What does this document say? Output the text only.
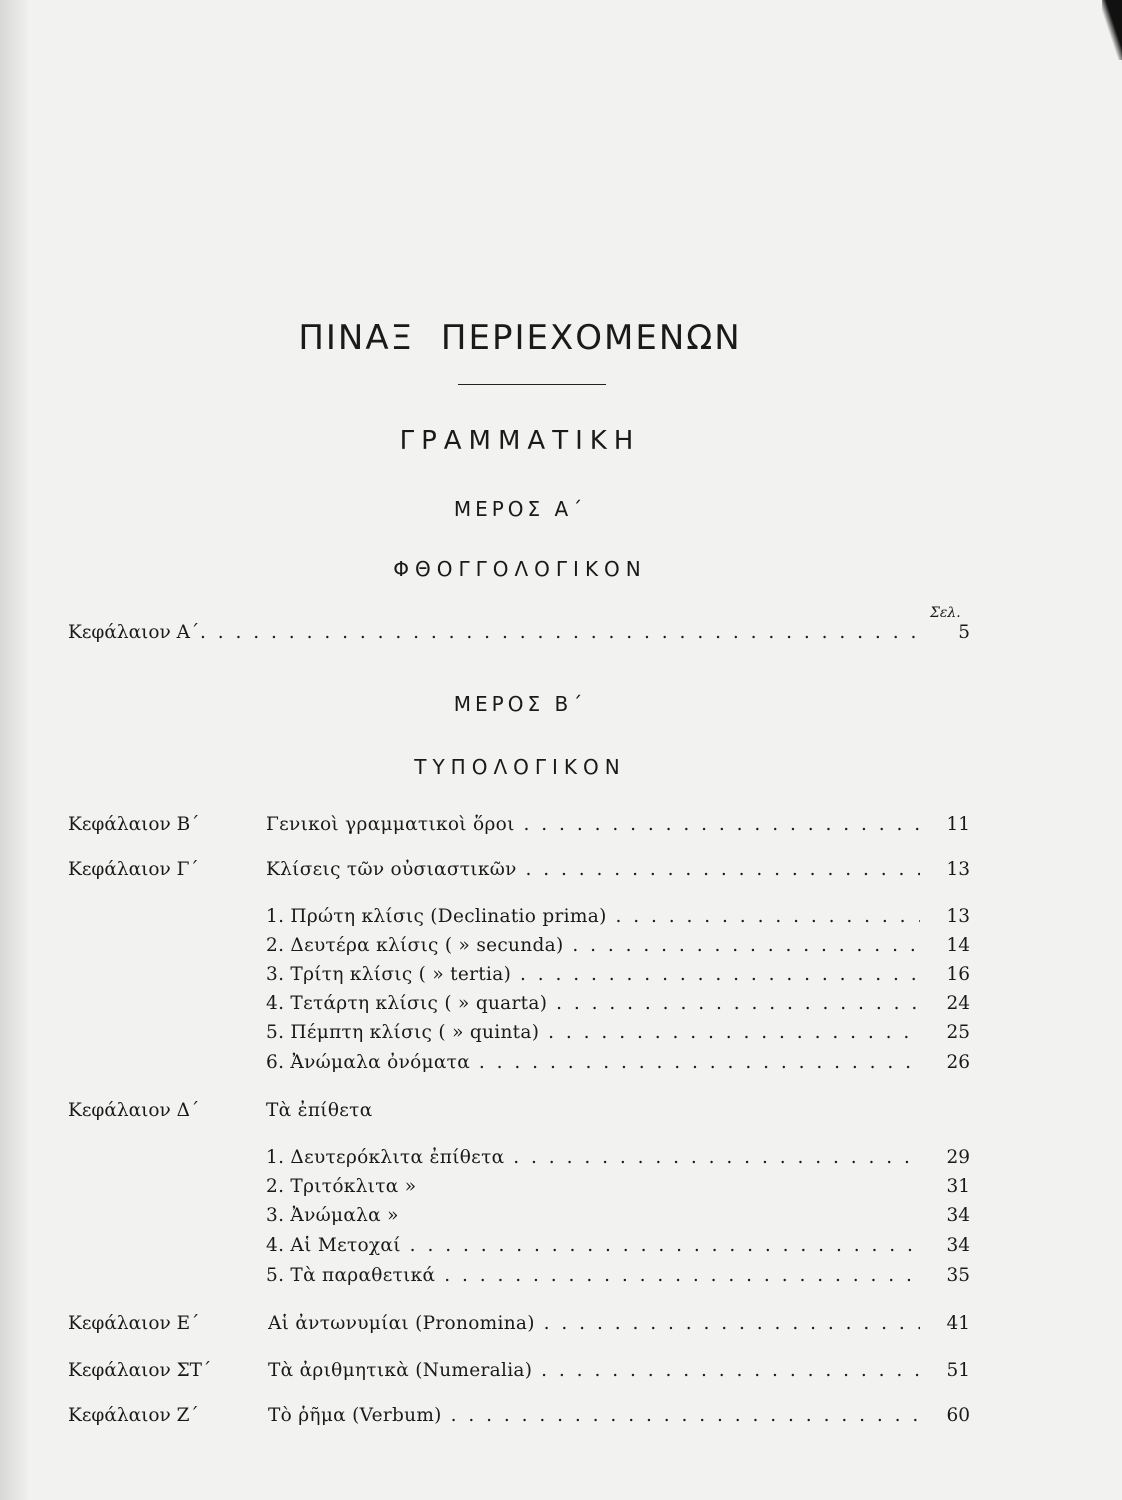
ΠΙΝΑΞ ΠΕΡΙΕΧΟΜΕΝΩΝ
ΓΡΑΜΜΑΤΙΚΗ
ΜΕΡΟΣ Α΄
ΦΘΟΓΓΟΛΟΓΙΚΟΝ
Σελ.
Κεφάλαιον Α΄ . . .	5
ΜΕΡΟΣ Β΄
ΤΥΠΟΛΟΓΙΚΟΝ
Κεφάλαιον Β΄	Γενικοὶ γραμματικοὶ ὅροι . . .	11
Κεφάλαιον Γ΄	Κλίσεις τῶν οὐσιαστικῶν . . .	13
1. Πρώτη κλίσις (Declinatio prima) . . .	13
2. Δευτέρα κλίσις ( » secunda) . . .	14
3. Τρίτη κλίσις ( » tertia) . . .	16
4. Τετάρτη κλίσις ( » quarta) . . .	24
5. Πέμπτη κλίσις ( » quinta) . . .	25
6. Ἀνώμαλα ὀνόματα . . .	26
Κεφάλαιον Δ΄	Τὰ ἐπίθετα
1. Δευτερόκλιτα ἐπίθετα . . .	29
2. Τριτόκλιτα »	31
3. Ἀνώμαλα »	34
4. Αἱ Μετοχαί . . .	34
5. Τὰ παραθετικά . . .	35
Κεφάλαιον Ε΄	Αἱ ἀντωνυμίαι (Pronomina) . . .	41
Κεφάλαιον ΣΤ΄	Τὰ ἀριθμητικὰ (Numeralia) . . .	51
Κεφάλαιον Ζ΄	Τὸ ῥῆμα (Verbum) . . .	60
